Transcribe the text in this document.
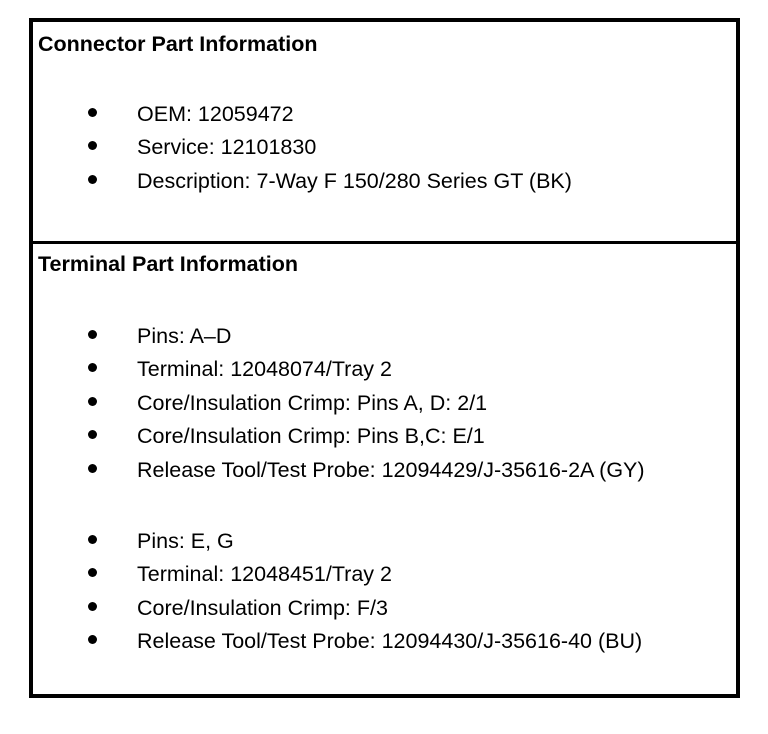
Connector Part Information
OEM: 12059472
Service: 12101830
Description: 7-Way F 150/280 Series GT (BK)
Terminal Part Information
Pins: A–D
Terminal: 12048074/Tray 2
Core/Insulation Crimp: Pins A, D: 2/1
Core/Insulation Crimp: Pins B,C: E/1
Release Tool/Test Probe: 12094429/J-35616-2A (GY)
Pins: E, G
Terminal: 12048451/Tray 2
Core/Insulation Crimp: F/3
Release Tool/Test Probe: 12094430/J-35616-40 (BU)
